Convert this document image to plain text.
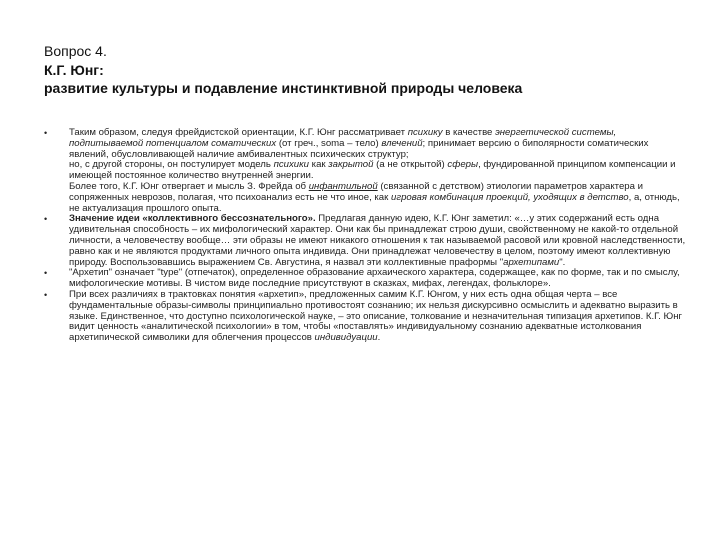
Вопрос 4.
К.Г. Юнг:
развитие культуры и подавление инстинктивной природы человека
• Таким образом, следуя фрейдистской ориентации, К.Г. Юнг рассматривает психику в качестве энергетической системы, подпитываемой потенциалом соматических (от греч., soma – тело) влечений; принимает версию о биполярности соматических явлений, обусловливающей наличие амбивалентных психических структур;
но, с другой стороны, он постулирует модель психики как закрытой (а не открытой) сферы, фундированной принципом компенсации и имеющей постоянное количество внутренней энергии.
Более того, К.Г. Юнг отвергает и мысль З. Фрейда об инфантильной (связанной с детством) этиологии параметров характера и сопряженных неврозов, полагая, что психоанализ есть не что иное, как игровая комбинация проекций, уходящих в детство, а, отнюдь, не актуализация прошлого опыта.
• Значение идеи «коллективного бессознательного». Предлагая данную идею, К.Г. Юнг заметил: «…у этих содержаний есть одна удивительная способность – их мифологический характер. Они как бы принадлежат строю души, свойственному не какой-то отдельной личности, а человечеству вообще… эти образы не имеют никакого отношения к так называемой расовой или кровной наследственности, равно как и не являются продуктами личного опыта индивида. Они принадлежат человечеству в целом, поэтому имеют коллективную природу. Воспользовавшись выражением Св. Августина, я назвал эти коллективные праформы "архетипами".
• "Архетип" означает "type" (отпечаток), определенное образование архаического характера, содержащее, как по форме, так и по смыслу, мифологические мотивы. В чистом виде последние присутствуют в сказках, мифах, легендах, фольклоре».
• При всех различиях в трактовках понятия «архетип», предложенных самим К.Г. Юнгом, у них есть одна общая черта – все фундаментальные образы-символы принципиально противостоят сознанию; их нельзя дискурсивно осмыслить и адекватно выразить в языке. Единственное, что доступно психологической науке, – это описание, толкование и незначительная типизация архетипов. К.Г. Юнг видит ценность «аналитической психологии» в том, чтобы «поставлять» индивидуальному сознанию адекватные истолкования архетипической символики для облегчения процессов индивидуации.
